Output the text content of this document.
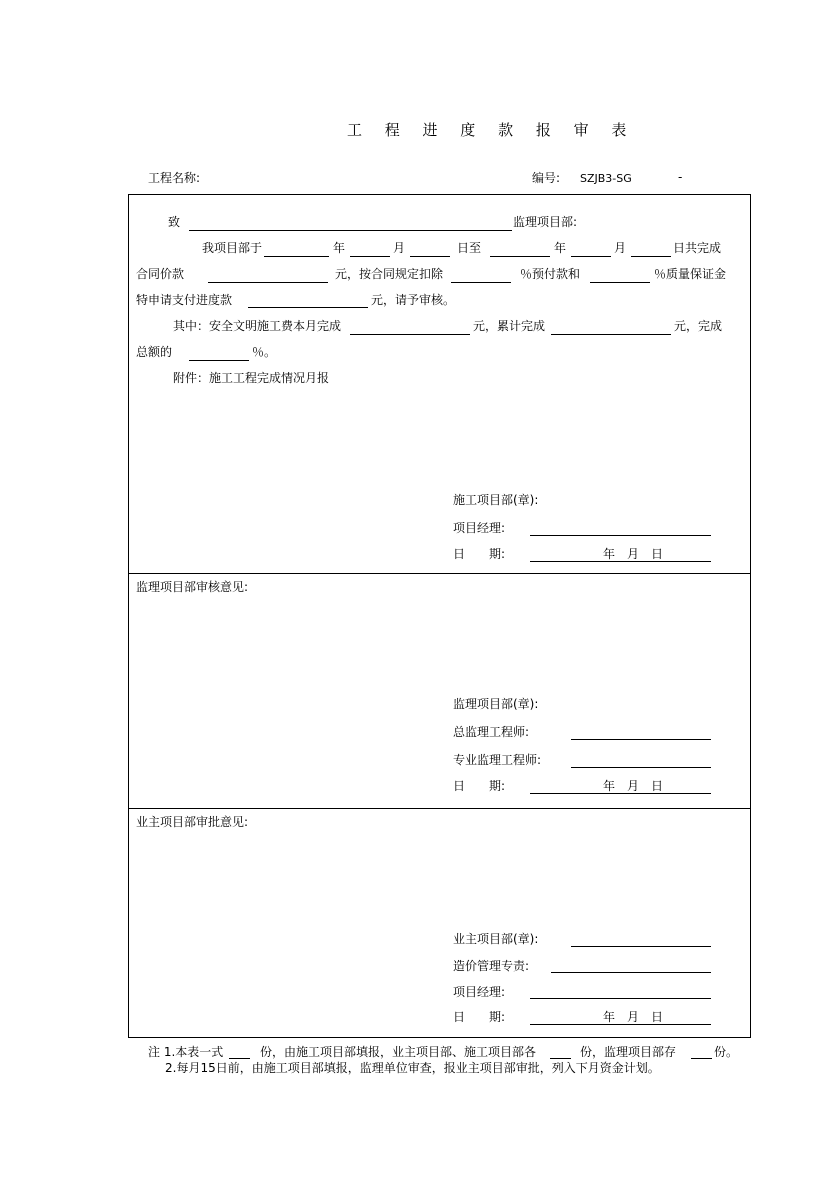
工 程 进 度 款 报 审 表
工程名称:	编号: SZJB3-SG	-
致	监理项目部:
我项目部于	年	月	日至	年	月	日共完成
合同价款	元，按合同规定扣除	％预付款和	％质量保证金
特申请支付进度款	元，请予审核。
其中：安全文明施工费本月完成	元，累计完成	元，完成
总额的	％。
附件：施工工程完成情况月报
施工项目部(章):
项目经理:
日　　期:	年　月　日
监理项目部审核意见:
监理项目部(章):
总监理工程师:
专业监理工程师:
日　　期:	年　月　日
业主项目部审批意见:
业主项目部(章):
造价管理专责:
项目经理:
日　　期:	年　月　日
注 1.本表一式	份，由施工项目部填报，业主项目部、施工项目部各	份，监理项目部存	份。
2.每月15日前，由施工项目部填报，监理单位审查，报业主项目部审批，列入下月资金计划。
